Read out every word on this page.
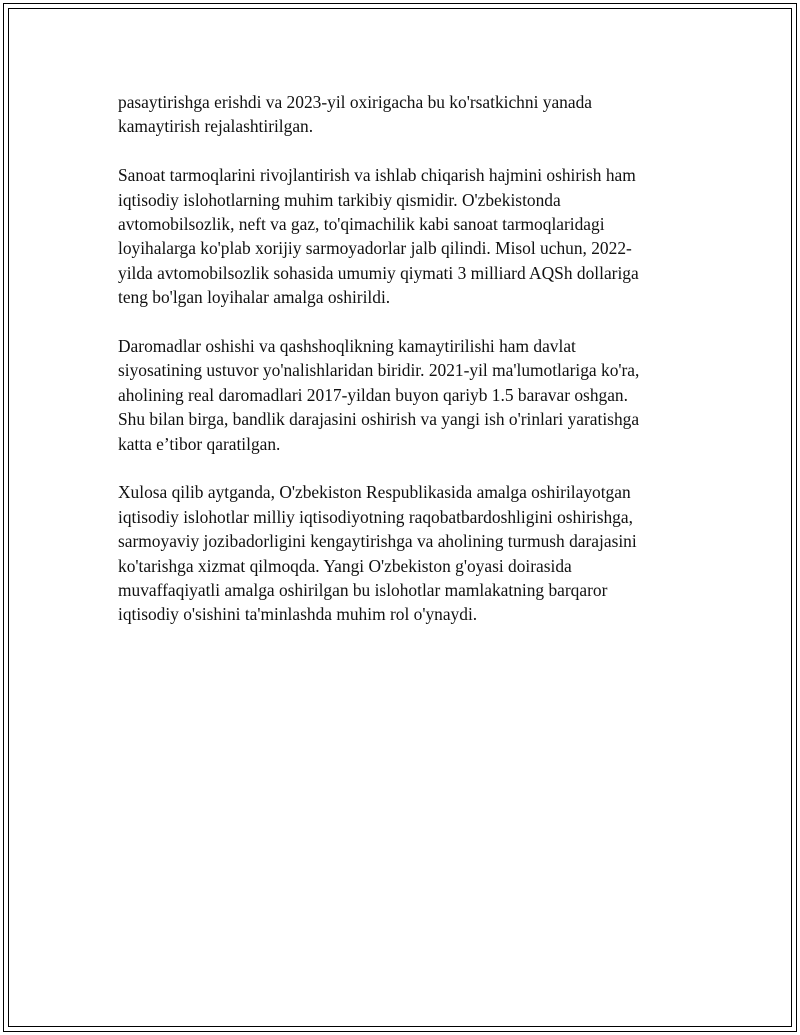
pasaytirishga erishdi va 2023-yil oxirigacha bu ko'rsatkichni yanada
kamaytirish rejalashtirilgan.

Sanoat tarmoqlarini rivojlantirish va ishlab chiqarish hajmini oshirish ham
iqtisodiy islohotlarning muhim tarkibiy qismidir. O'zbekistonda
avtomobilsozlik, neft va gaz, to'qimachilik kabi sanoat tarmoqlaridagi
loyihalarga ko'plab xorijiy sarmoyadorlar jalb qilindi. Misol uchun, 2022-
yilda avtomobilsozlik sohasida umumiy qiymati 3 milliard AQSh dollariga
teng bo'lgan loyihalar amalga oshirildi.

Daromadlar oshishi va qashshoqlikning kamaytirilishi ham davlat
siyosatining ustuvor yo'nalishlaridan biridir. 2021-yil ma'lumotlariga ko'ra,
aholining real daromadlari 2017-yildan buyon qariyb 1.5 baravar oshgan.
Shu bilan birga, bandlik darajasini oshirish va yangi ish o'rinlari yaratishga
katta e’tibor qaratilgan.

Xulosa qilib aytganda, O'zbekiston Respublikasida amalga oshirilayotgan
iqtisodiy islohotlar milliy iqtisodiyotning raqobatbardoshligini oshirishga,
sarmoyaviy jozibadorligini kengaytirishga va aholining turmush darajasini
ko'tarishga xizmat qilmoqda. Yangi O'zbekiston g'oyasi doirasida
muvaffaqiyatli amalga oshirilgan bu islohotlar mamlakatning barqaror
iqtisodiy o'sishini ta'minlashda muhim rol o'ynaydi.
